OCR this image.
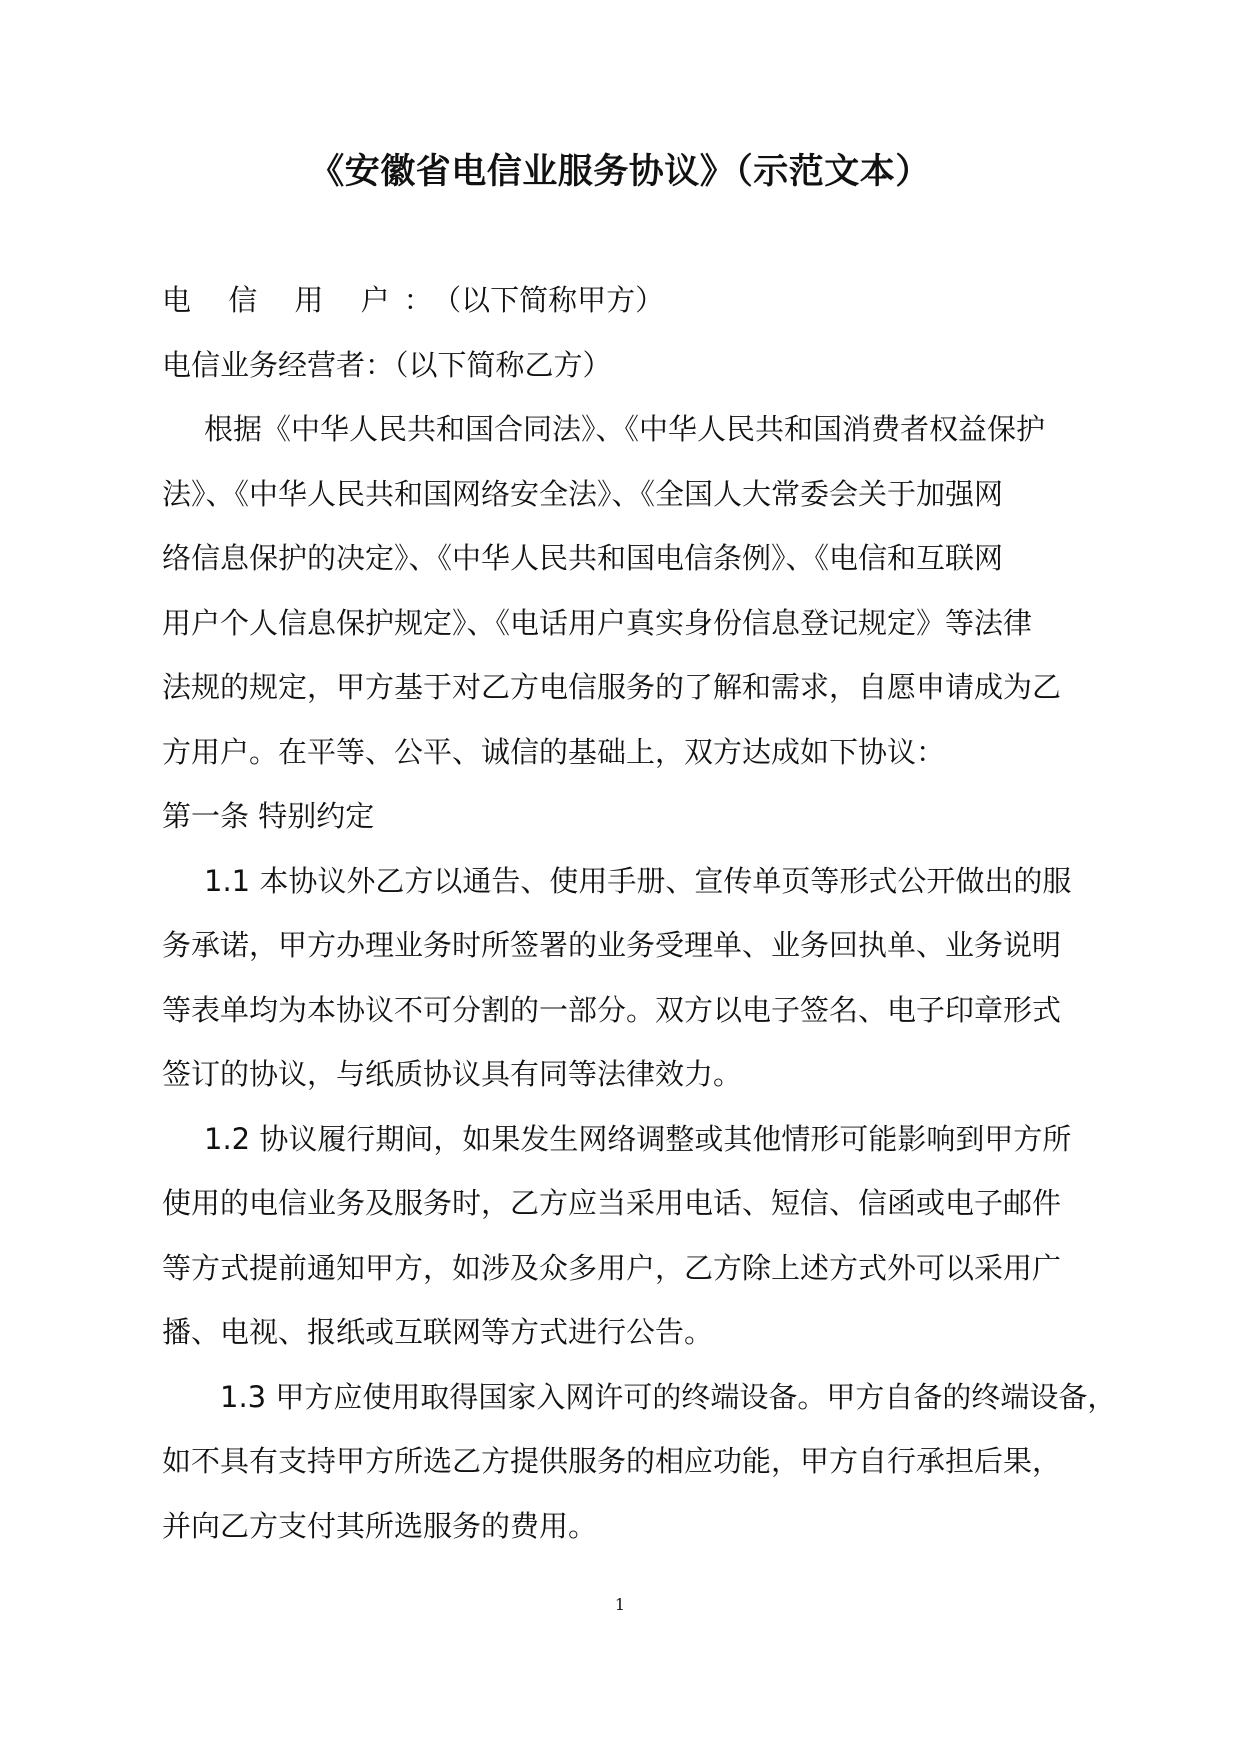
《安徽省电信业服务协议》（示范文本）

电 信 用 户：（以下简称甲方）

电信业务经营者：（以下简称乙方）

根据《中华人民共和国合同法》、《中华人民共和国消费者权益保护

法》、《中华人民共和国网络安全法》、《全国人大常委会关于加强网

络信息保护的决定》、《中华人民共和国电信条例》、《电信和互联网

用户个人信息保护规定》、《电话用户真实身份信息登记规定》等法律

法规的规定，甲方基于对乙方电信服务的了解和需求，自愿申请成为乙

方用户。在平等、公平、诚信的基础上，双方达成如下协议：

第一条 特别约定

1.1 本协议外乙方以通告、使用手册、宣传单页等形式公开做出的服

务承诺，甲方办理业务时所签署的业务受理单、业务回执单、业务说明

等表单均为本协议不可分割的一部分。双方以电子签名、电子印章形式

签订的协议，与纸质协议具有同等法律效力。

1.2 协议履行期间，如果发生网络调整或其他情形可能影响到甲方所

使用的电信业务及服务时，乙方应当采用电话、短信、信函或电子邮件

等方式提前通知甲方，如涉及众多用户，乙方除上述方式外可以采用广

播、电视、报纸或互联网等方式进行公告。

1.3 甲方应使用取得国家入网许可的终端设备。甲方自备的终端设备，

如不具有支持甲方所选乙方提供服务的相应功能，甲方自行承担后果，

并向乙方支付其所选服务的费用。

1
